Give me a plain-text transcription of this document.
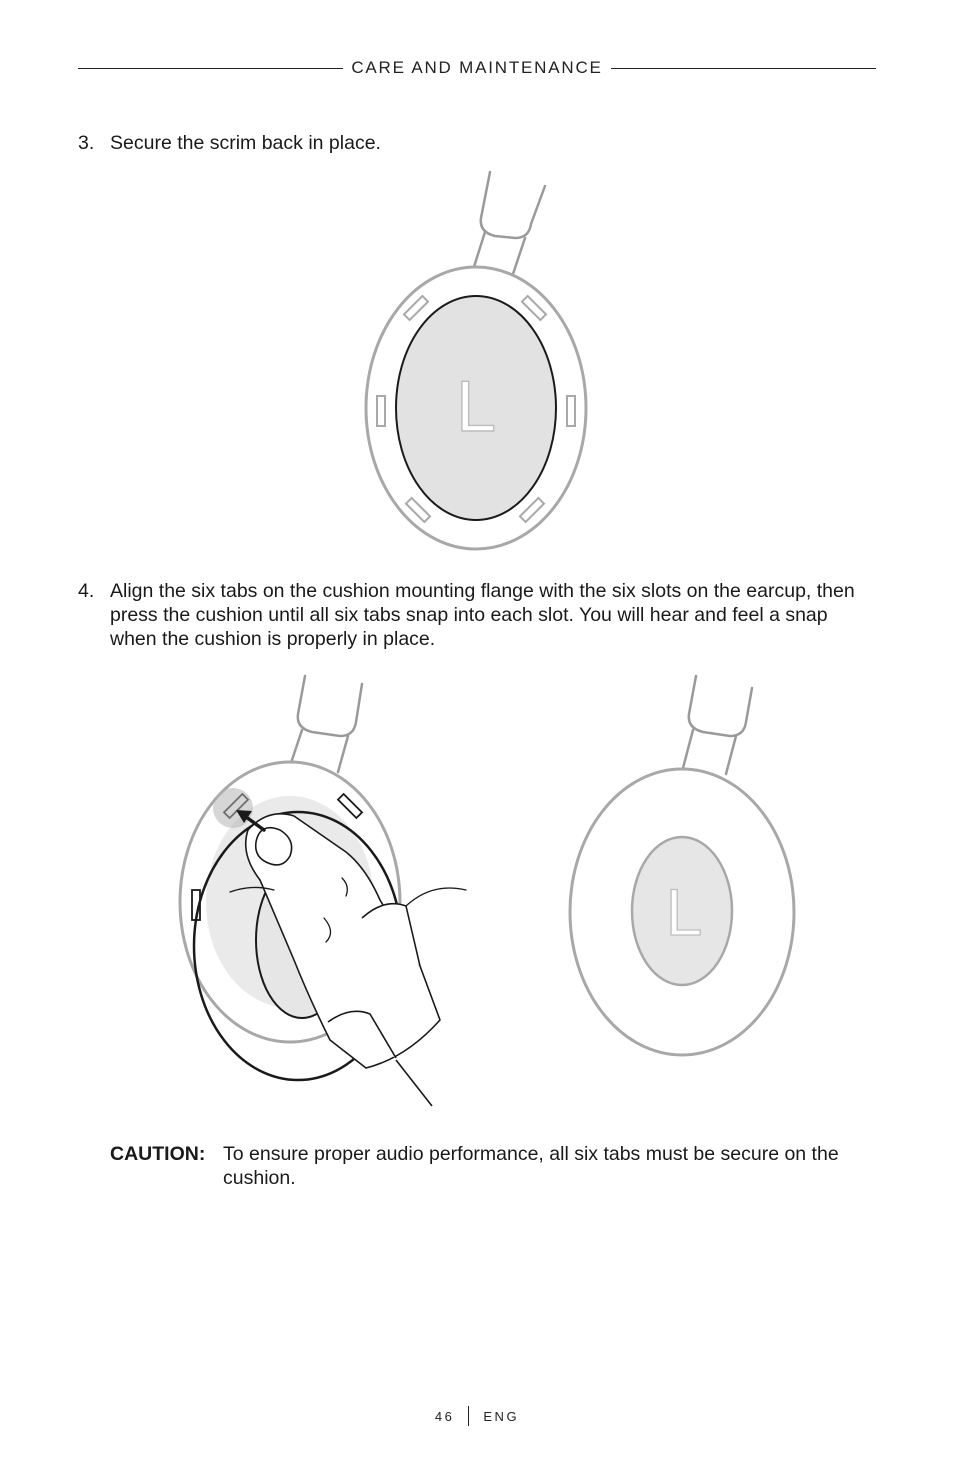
CARE AND MAINTENANCE
3. Secure the scrim back in place.
L
4. Align the six tabs on the cushion mounting flange with the six slots on the earcup, then press the cushion until all six tabs snap into each slot. You will hear and feel a snap when the cushion is properly in place.
L
CAUTION: To ensure proper audio performance, all six tabs must be secure on the cushion.
46 ENG
